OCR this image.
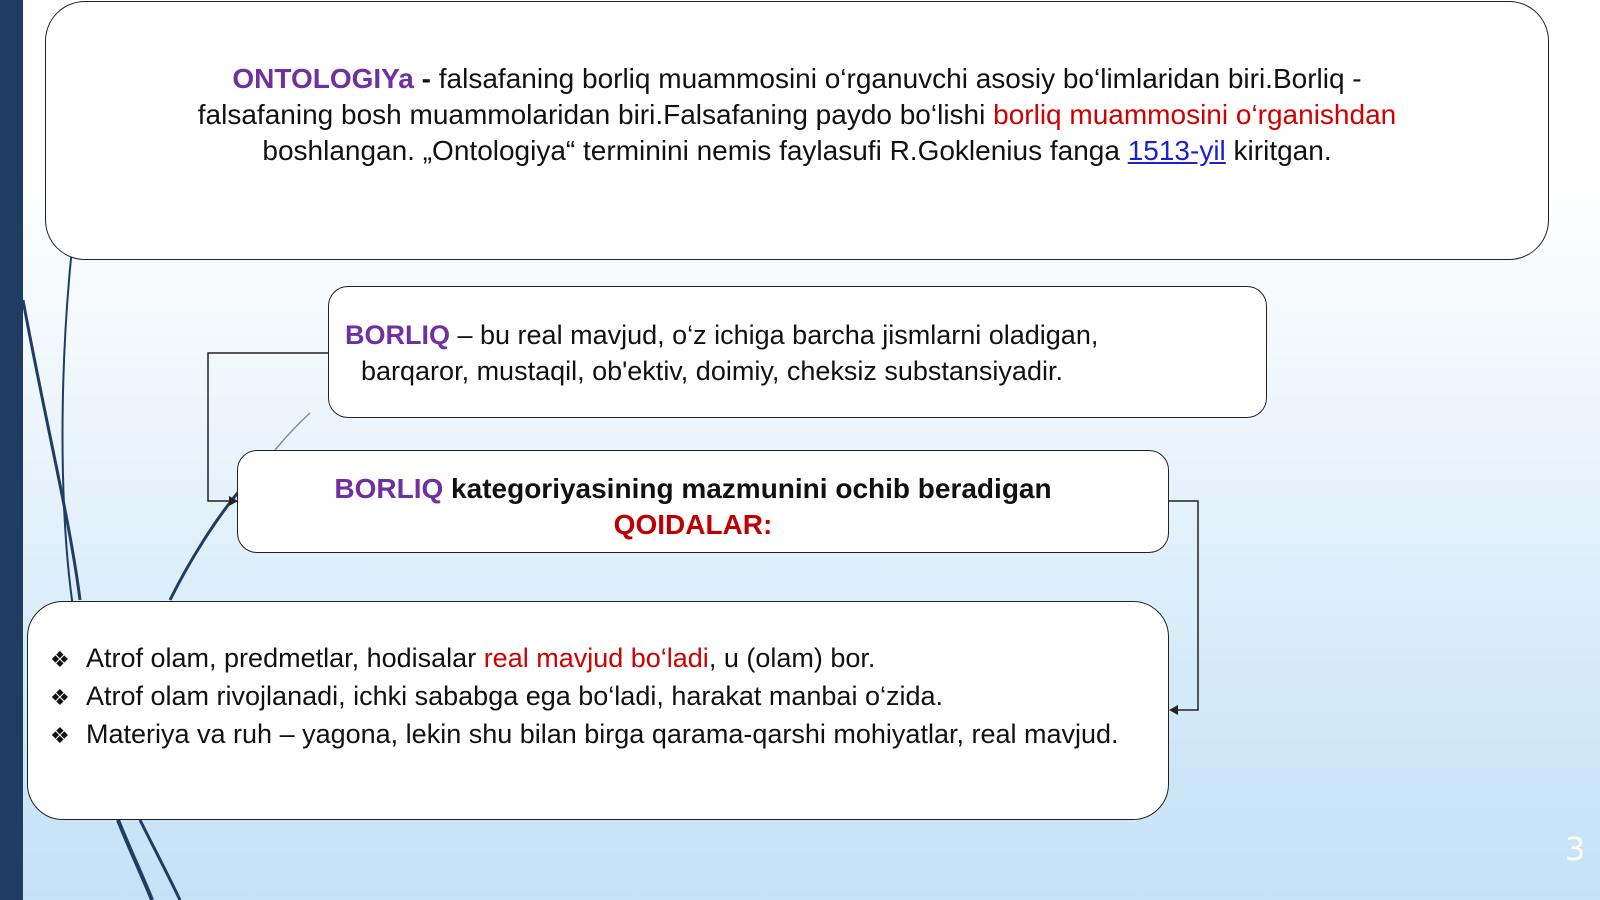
ONTOLOGIYa - falsafaning borliq muammosini o‘rganuvchi asosiy bo‘limlaridan biri.Borliq - falsafaning bosh muammolaridan biri.Falsafaning paydo bo‘lishi borliq muammosini o‘rganishdan boshlangan. „Ontologiya“ terminini nemis faylasufi R.Goklenius fanga 1513-yil kiritgan.
BORLIQ – bu real mavjud, o‘z ichiga barcha jismlarni oladigan,
barqaror, mustaqil, ob'ektiv, doimiy, cheksiz substansiyadir.
BORLIQ kategoriyasining mazmunini ochib beradigan
QOIDALAR:
❖ Atrof olam, predmetlar, hodisalar real mavjud bo‘ladi, u (olam) bor.
❖ Atrof olam rivojlanadi, ichki sababga ega bo‘ladi, harakat manbai o‘zida.
❖ Materiya va ruh – yagona, lekin shu bilan birga qarama-qarshi mohiyatlar, real mavjud.
3
